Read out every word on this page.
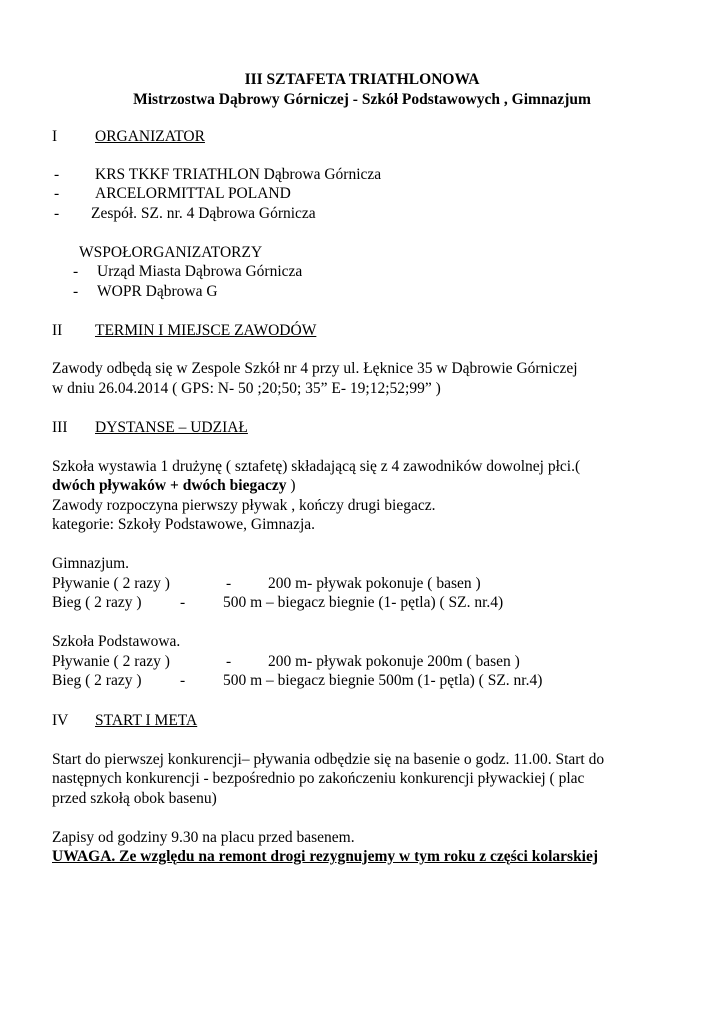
III SZTAFETA TRIATHLONOWA
Mistrzostwa Dąbrowy Górniczej - Szkół Podstawowych , Gimnazjum
I ORGANIZATOR
- KRS TKKF TRIATHLON Dąbrowa Górnicza
- ARCELORMITTAL POLAND
- Zespół. SZ. nr. 4 Dąbrowa Górnicza
WSPOŁORGANIZATORZY
- Urząd Miasta Dąbrowa Górnicza
- WOPR Dąbrowa G
II TERMIN I MIEJSCE ZAWODÓW
Zawody odbędą się w Zespole Szkół nr 4 przy ul. Łęknice 35 w Dąbrowie Górniczej
w dniu 26.04.2014 ( GPS: N- 50 ;20;50; 35” E- 19;12;52;99” )
III DYSTANSE – UDZIAŁ
Szkoła wystawia 1 drużynę ( sztafetę) składającą się z 4 zawodników dowolnej płci.(
dwóch pływaków + dwóch biegaczy )
Zawody rozpoczyna pierwszy pływak , kończy drugi biegacz.
kategorie: Szkoły Podstawowe, Gimnazja.
Gimnazjum.
Pływanie ( 2 razy )	- 200 m- pływak pokonuje ( basen )
Bieg ( 2 razy ) - 500 m – biegacz biegnie (1- pętla) ( SZ. nr.4)
Szkoła Podstawowa.
Pływanie ( 2 razy )	- 200 m- pływak pokonuje 200m ( basen )
Bieg ( 2 razy ) - 500 m – biegacz biegnie 500m (1- pętla) ( SZ. nr.4)
IV START I META
Start do pierwszej konkurencji– pływania odbędzie się na basenie o godz. 11.00. Start do
następnych konkurencji - bezpośrednio po zakończeniu konkurencji pływackiej ( plac
przed szkołą obok basenu)
Zapisy od godziny 9.30 na placu przed basenem.
UWAGA. Ze względu na remont drogi rezygnujemy w tym roku z części kolarskiej
